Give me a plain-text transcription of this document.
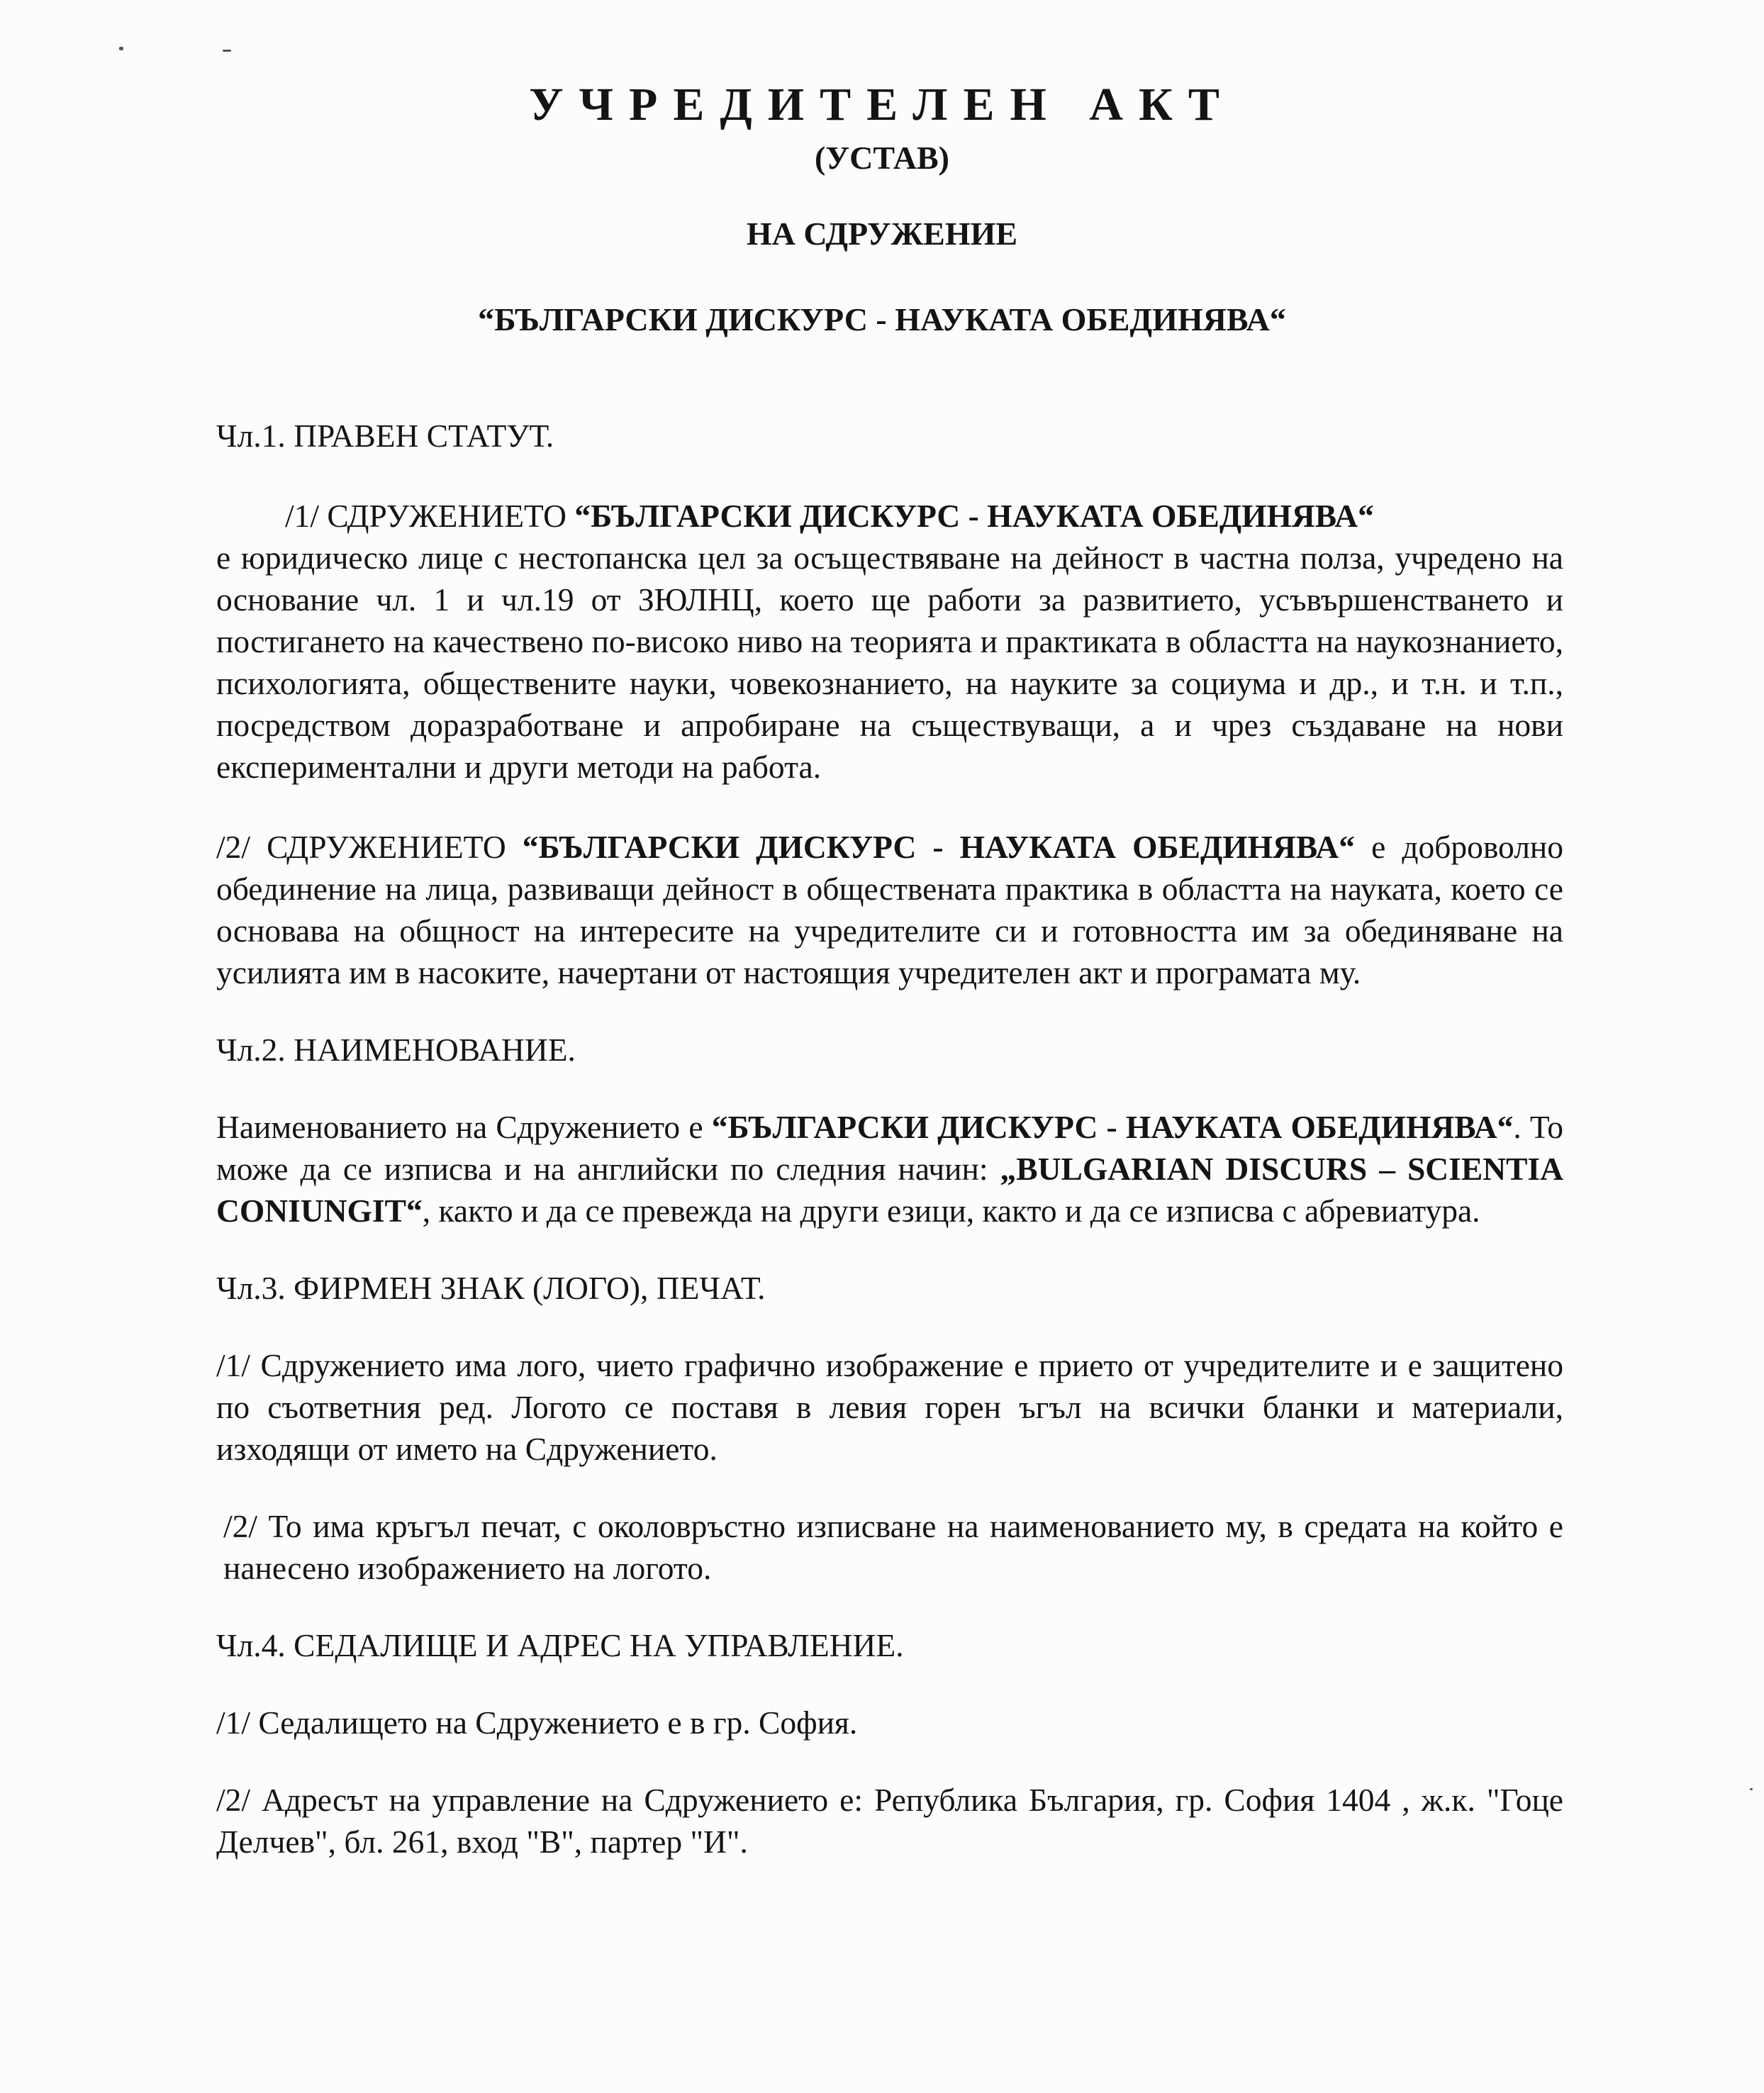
УЧРЕДИТЕЛЕН АКТ
(УСТАВ)
НА СДРУЖЕНИЕ
“БЪЛГАРСКИ ДИСКУРС - НАУКАТА ОБЕДИНЯВА“

Чл.1. ПРАВЕН СТАТУТ.

/1/ СДРУЖЕНИЕТО “БЪЛГАРСКИ ДИСКУРС - НАУКАТА ОБЕДИНЯВА“
е юридическо лице с нестопанска цел за осъществяване на дейност в частна полза, учредено на основание чл. 1 и чл.19 от ЗЮЛНЦ, което ще работи за развитието, усъвършенстването и постигането на качествено по-високо ниво на теорията и практиката в областта на наукознанието, психологията, обществените науки, човекознанието, на науките за социума и др., и т.н. и т.п., посредством доразработване и апробиране на съществуващи, а и чрез създаване на нови експериментални и други методи на работа.

/2/ СДРУЖЕНИЕТО “БЪЛГАРСКИ ДИСКУРС - НАУКАТА ОБЕДИНЯВА“ е доброволно обединение на лица, развиващи дейност в обществената практика в областта на науката, което се основава на общност на интересите на учредителите си и готовността им за обединяване на усилията им в насоките, начертани от настоящия учредителен акт и програмата му.

Чл.2. НАИМЕНОВАНИЕ.

Наименованието на Сдружението е “БЪЛГАРСКИ ДИСКУРС - НАУКАТА ОБЕДИНЯВА“. То може да се изписва и на английски по следния начин: „BULGARIAN DISCURS – SCIENTIA CONIUNGIT“, както и да се превежда на други езици, както и да се изписва с абревиатура.

Чл.3. ФИРМЕН ЗНАК (ЛОГО), ПЕЧАТ.

/1/ Сдружението има лого, чието графично изображение е прието от учредителите и е защитено по съответния ред. Логото се поставя в левия горен ъгъл на всички бланки и материали, изходящи от името на Сдружението.

/2/ То има кръгъл печат, с околовръстно изписване на наименованието му, в средата на който е нанесено изображението на логото.

Чл.4. СЕДАЛИЩЕ И АДРЕС НА УПРАВЛЕНИЕ.

/1/ Седалището на Сдружението е в гр. София.

/2/ Адресът на управление на Сдружението е: Република България, гр. София 1404 , ж.к. "Гоце Делчев", бл. 261, вход "В", партер "И".
